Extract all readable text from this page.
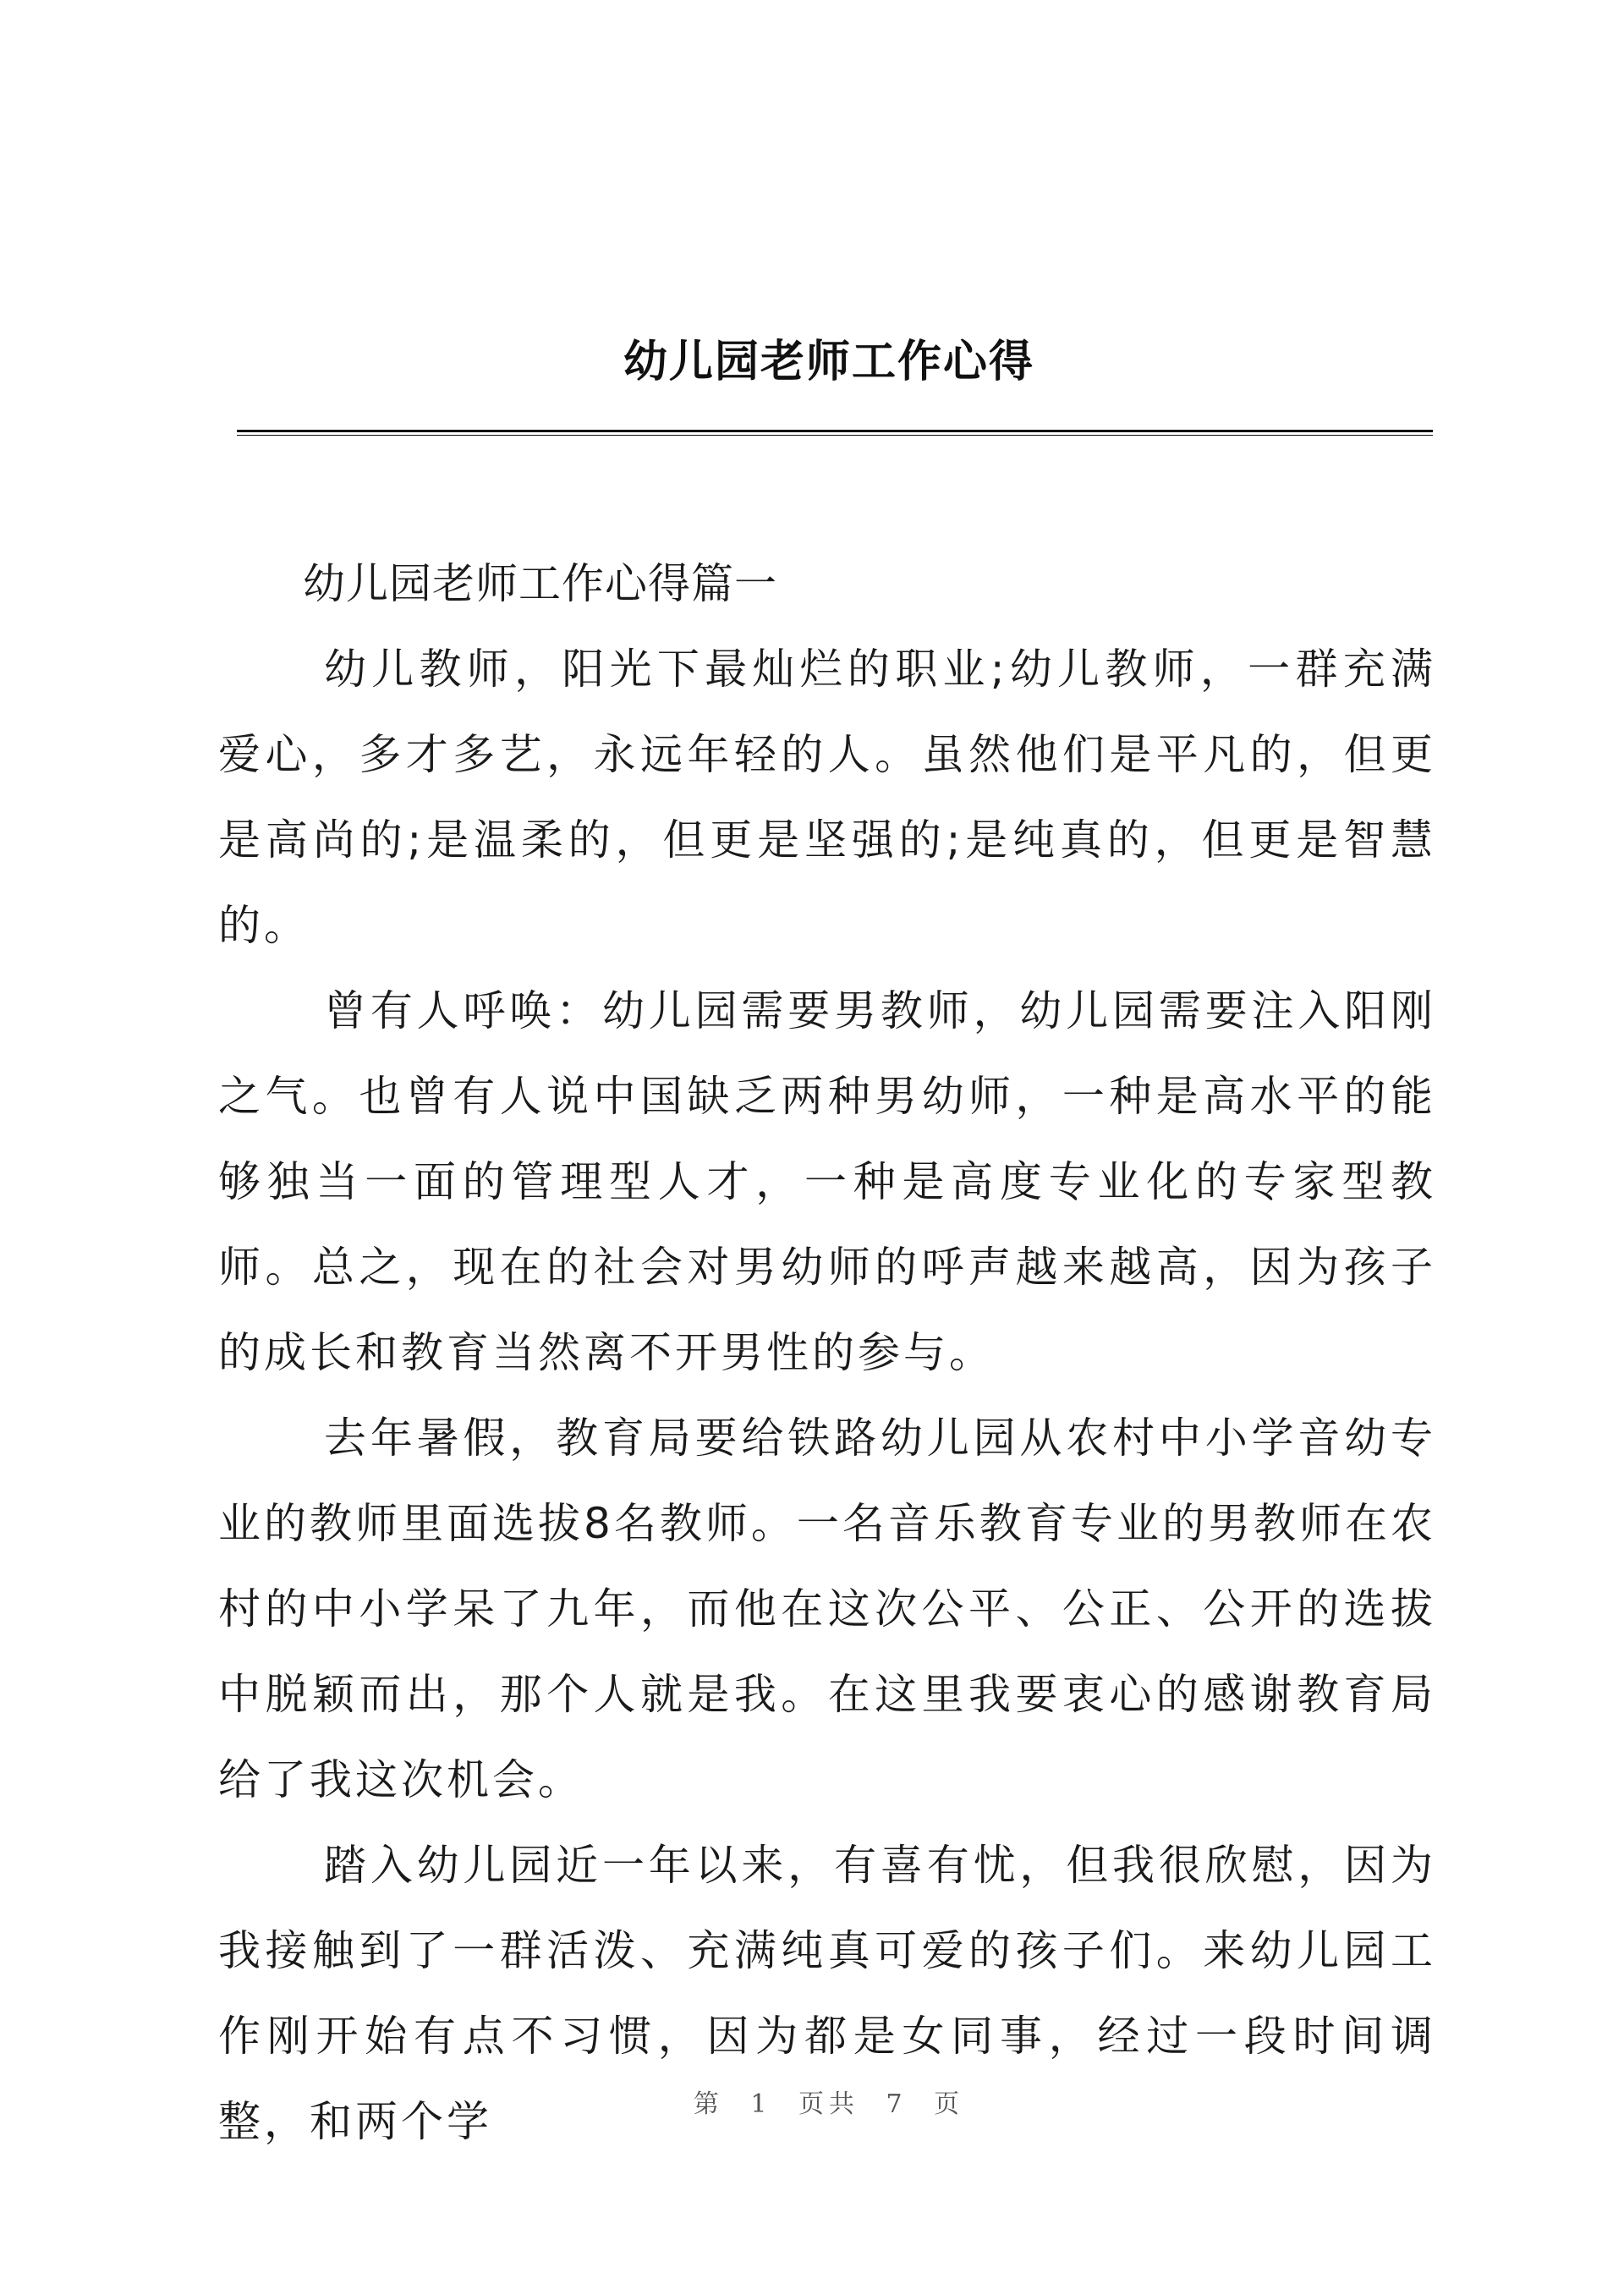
幼儿园老师工作心得
幼儿园老师工作心得篇一

幼儿教师，阳光下最灿烂的职业;幼儿教师，一群充满爱心，多才多艺，永远年轻的人。虽然他们是平凡的，但更是高尚的;是温柔的，但更是坚强的;是纯真的，但更是智慧的。

曾有人呼唤：幼儿园需要男教师，幼儿园需要注入阳刚之气。也曾有人说中国缺乏两种男幼师，一种是高水平的能够独当一面的管理型人才，一种是高度专业化的专家型教师。总之，现在的社会对男幼师的呼声越来越高，因为孩子的成长和教育当然离不开男性的参与。

去年暑假，教育局要给铁路幼儿园从农村中小学音幼专业的教师里面选拔8名教师。一名音乐教育专业的男教师在农村的中小学呆了九年，而他在这次公平、公正、公开的选拔中脱颖而出，那个人就是我。在这里我要衷心的感谢教育局给了我这次机会。

踏入幼儿园近一年以来，有喜有忧，但我很欣慰，因为我接触到了一群活泼、充满纯真可爱的孩子们。来幼儿园工作刚开始有点不习惯，因为都是女同事，经过一段时间调整，和两个学	第 1 页共 7 页
